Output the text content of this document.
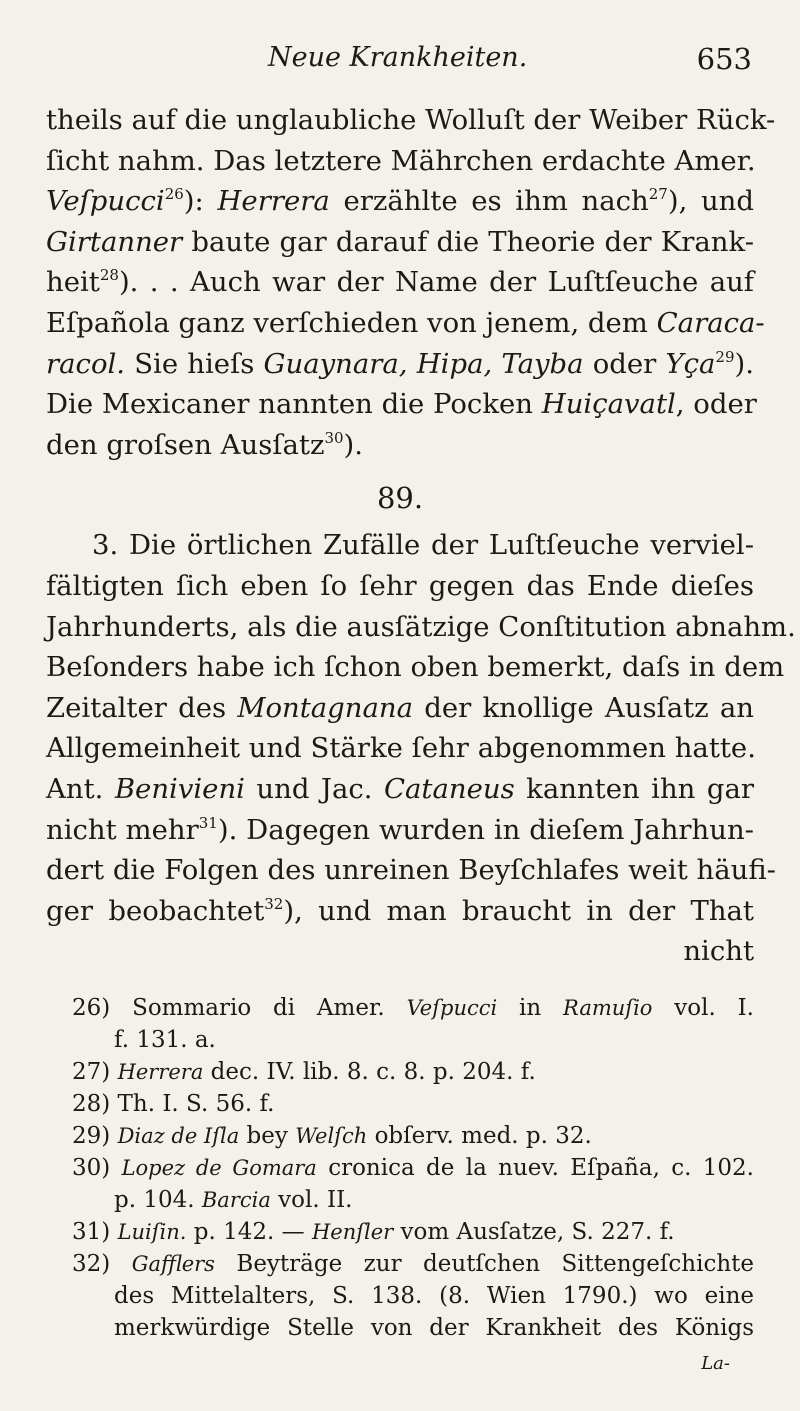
Neue Krankheiten.	653
theils auf die unglaubliche Wolluſt der Weiber Rück-
ſicht nahm. Das letztere Mährchen erdachte Amer.
Veſpucci$^{26}$): Herrera erzählte es ihm nach$^{27}$), und
Girtanner baute gar darauf die Theorie der Krank-
heit$^{28}$). . . Auch war der Name der Luſtſeuche auf
Eſpañola ganz verſchieden von jenem, dem Caraca-
racol. Sie hieſs Guaynara, Hipa, Tayba oder Yça$^{29}$).
Die Mexicaner nannten die Pocken Huiçavatl, oder
den groſsen Ausſatz$^{30}$).
89.
3. Die örtlichen Zufälle der Luſtſeuche verviel-
fältigten ſich eben ſo ſehr gegen das Ende dieſes
Jahrhunderts, als die ausſätzige Conſtitution abnahm.
Beſonders habe ich ſchon oben bemerkt, daſs in dem
Zeitalter des Montagnana der knollige Ausſatz an
Allgemeinheit und Stärke ſehr abgenommen hatte.
Ant. Benivieni und Jac. Cataneus kannten ihn gar
nicht mehr$^{31}$). Dagegen wurden in dieſem Jahrhun-
dert die Folgen des unreinen Beyſchlafes weit häufi-
ger beobachtet$^{32}$), und man braucht in der That
nicht
26) Sommario di Amer. Veſpucci in Ramuſio vol. I.
f. 131. a.
27) Herrera dec. IV. lib. 8. c. 8. p. 204. f.
28) Th. I. S. 56. f.
29) Diaz de Iſla bey Welſch obſerv. med. p. 32.
30) Lopez de Gomara cronica de la nuev. Eſpaña, c. 102.
p. 104. Barcia vol. II.
31) Luiſin. p. 142. — Henſler vom Ausſatze, S. 227. f.
32) Gafflers Beyträge zur deutſchen Sittengeſchichte
des Mittelalters, S. 138. (8. Wien 1790.) wo eine
merkwürdige Stelle von der Krankheit des Königs
La-
